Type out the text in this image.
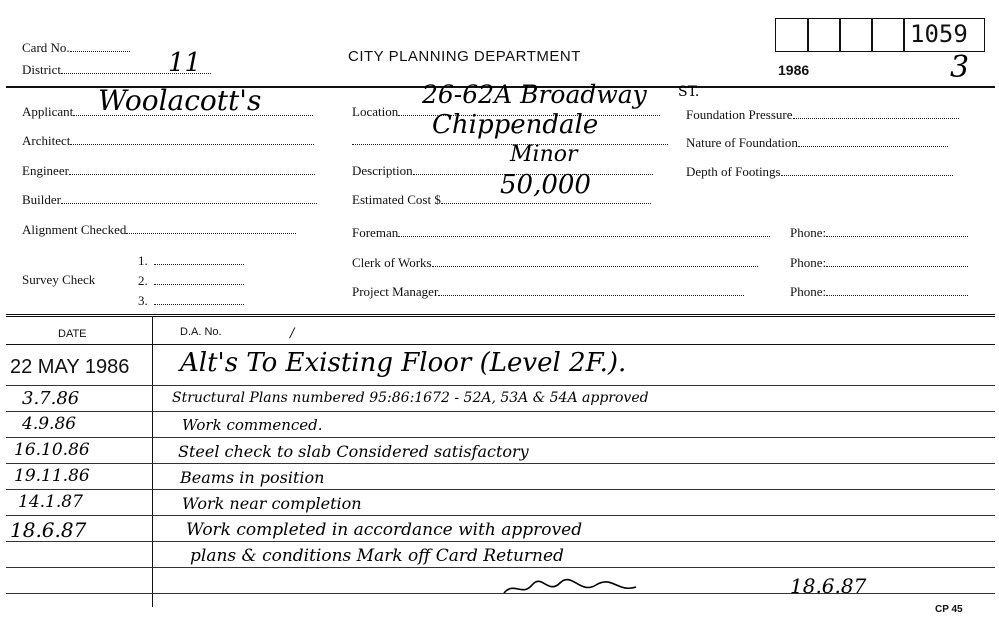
Card No.
District	11	CITY PLANNING DEPARTMENT
1059
1986	3
Applicant Woolacott's
Architect
Engineer
Builder
Alignment Checked
Survey Check
1.
2.
3.
Location
26-62A Broadway ST.
Chippendale
Description
Minor
Estimated Cost $	50,000
Foreman
Clerk of Works
Project Manager
Foundation Pressure
Nature of Foundation
Depth of Footings
Phone:
Phone:
Phone:
DATE	D.A. No.	/
22 MAY 1986 Alt's To Existing Floor (Level 2F.).
3.7.86	Structural Plans numbered 95:86:1672 - 52A, 53A & 54A approved
4.9.86	Work commenced.
16.10.86	Steel check to slab Considered satisfactory
19.11.86	Beams in position
14.1.87	Work near completion
18.6.87	Work completed in accordance with approved
plans & conditions Mark off Card Returned
18.6.87
CP 45
